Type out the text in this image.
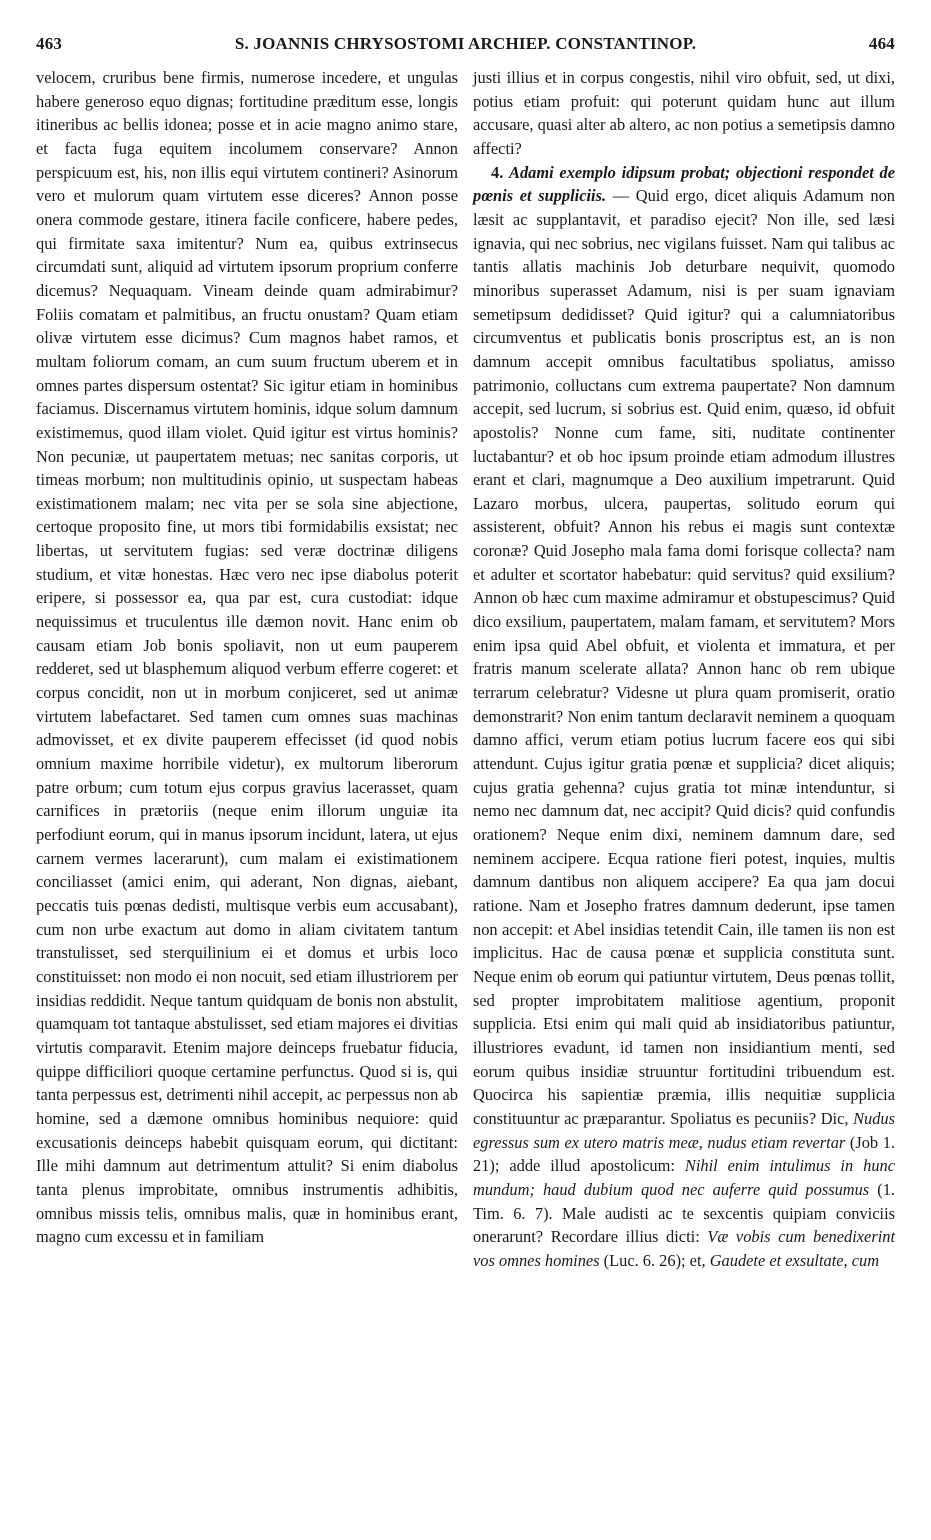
463	S. JOANNIS CHRYSOSTOMI ARCHIEP. CONSTANTINOP.	464

velocem, cruribus bene firmis, numerose incedere, et ungulas habere generoso equo dignas; fortitudine præditum esse, longis itineribus ac bellis idonea; posse et in acie magno animo stare, et facta fuga equitem incolumem conservare? Annon perspicuum est, his, non illis equi virtutem contineri? Asinorum vero et mulorum quam virtutem esse diceres? Annon posse onera commode gestare, itinera facile conficere, habere pedes, qui firmitate saxa imitentur? Num ea, quibus extrinsecus circumdati sunt, aliquid ad virtutem ipsorum proprium conferre dicemus? Nequaquam. Vineam deinde quam admirabimur? Foliis comatam et palmitibus, an fructu onustam? Quam etiam olivæ virtutem esse dicimus? Cum magnos habet ramos, et multam foliorum comam, an cum suum fructum uberem et in omnes partes dispersum ostentat? Sic igitur etiam in hominibus faciamus. Discernamus virtutem hominis, idque solum damnum existimemus, quod illam violet. Quid igitur est virtus hominis? Non pecuniæ, ut paupertatem metuas; nec sanitas corporis, ut timeas morbum; non multitudinis opinio, ut suspectam habeas existimationem malam; nec vita per se sola sine abjectione, certoque proposito fine, ut mors tibi formidabilis exsistat; nec libertas, ut servitutem fugias: sed veræ doctrinæ diligens studium, et vitæ honestas. Hæc vero nec ipse diabolus poterit eripere, si possessor ea, qua par est, cura custodiat: idque nequissimus et truculentus ille dæmon novit. Hanc enim ob causam etiam Job bonis spoliavit, non ut eum pauperem redderet, sed ut blasphemum aliquod verbum efferre cogeret: et corpus concidit, non ut in morbum conjiceret, sed ut animæ virtutem labefactaret. Sed tamen cum omnes suas machinas admovisset, et ex divite pauperem effecisset (id quod nobis omnium maxime horribile videtur), ex multorum liberorum patre orbum; cum totum ejus corpus gravius lacerasset, quam carnifices in prætoriis (neque enim illorum unguiæ ita perfodiunt eorum, qui in manus ipsorum incidunt, latera, ut ejus carnem vermes lacerarunt), cum malam ei existimationem conciliasset (amici enim, qui aderant, Non dignas, aiebant, peccatis tuis pœnas dedisti, multisque verbis eum accusabant), cum non urbe exactum aut domo in aliam civitatem tantum transtulisset, sed sterquilinium ei et domus et urbis loco constituisset: non modo ei non nocuit, sed etiam illustriorem per insidias reddidit. Neque tantum quidquam de bonis non abstulit, quamquam tot tantaque abstulisset, sed etiam majores ei divitias virtutis comparavit. Etenim majore deinceps fruebatur fiducia, quippe difficiliori quoque certamine perfunctus. Quod si is, qui tanta perpessus est, detrimenti nihil accepit, ac perpessus non ab homine, sed a dæmone omnibus hominibus nequiore: quid excusationis deinceps habebit quisquam eorum, qui dictitant: Ille mihi damnum aut detrimentum attulit? Si enim diabolus tanta plenus improbitate, omnibus instrumentis adhibitis, omnibus missis telis, omnibus malis, quæ in hominibus erant, magno cum excessu et in familiam

justi illius et in corpus congestis, nihil viro obfuit, sed, ut dixi, potius etiam profuit: qui poterunt quidam hunc aut illum accusare, quasi alter ab altero, ac non potius a semetipsis damno affecti?

4. Adami exemplo idipsum probat; objectioni respondet de pœnis et suppliciis. — Quid ergo, dicet aliquis Adamum non læsit ac supplantavit, et paradiso ejecit? Non ille, sed læsi ignavia, qui nec sobrius, nec vigilans fuisset. Nam qui talibus ac tantis allatis machinis Job deturbare nequivit, quomodo minoribus superasset Adamum, nisi is per suam ignaviam semetipsum dedidisset? Quid igitur? qui a calumniatoribus circumventus et publicatis bonis proscriptus est, an is non damnum accepit omnibus facultatibus spoliatus, amisso patrimonio, colluctans cum extrema paupertate? Non damnum accepit, sed lucrum, si sobrius est. Quid enim, quæso, id obfuit apostolis? Nonne cum fame, siti, nuditate continenter luctabantur? et ob hoc ipsum proinde etiam admodum illustres erant et clari, magnumque a Deo auxilium impetrarunt. Quid Lazaro morbus, ulcera, paupertas, solitudo eorum qui assisterent, obfuit? Annon his rebus ei magis sunt contextæ coronæ? Quid Josepho mala fama domi forisque collecta? nam et adulter et scortator habebatur: quid servitus? quid exsilium? Annon ob hæc cum maxime admiramur et obstupescimus? Quid dico exsilium, paupertatem, malam famam, et servitutem? Mors enim ipsa quid Abel obfuit, et violenta et immatura, et per fratris manum scelerate allata? Annon hanc ob rem ubique terrarum celebratur? Videsne ut plura quam promiserit, oratio demonstrarit? Non enim tantum declaravit neminem a quoquam damno affici, verum etiam potius lucrum facere eos qui sibi attendunt. Cujus igitur gratia pœnæ et supplicia? dicet aliquis; cujus gratia gehenna? cujus gratia tot minæ intenduntur, si nemo nec damnum dat, nec accipit? Quid dicis? quid confundis orationem? Neque enim dixi, neminem damnum dare, sed neminem accipere. Ecqua ratione fieri potest, inquies, multis damnum dantibus non aliquem accipere? Ea qua jam docui ratione. Nam et Josepho fratres damnum dederunt, ipse tamen non accepit: et Abel insidias tetendit Cain, ille tamen iis non est implicitus. Hac de causa pœnæ et supplicia constituta sunt. Neque enim ob eorum qui patiuntur virtutem, Deus pœnas tollit, sed propter improbitatem malitiose agentium, proponit supplicia. Etsi enim qui mali quid ab insidiatoribus patiuntur, illustriores evadunt, id tamen non insidiantium menti, sed eorum quibus insidiæ struuntur fortitudini tribuendum est. Quocirca his sapientiæ præmia, illis nequitiæ supplicia constituuntur ac præparantur. Spoliatus es pecuniis? Dic, Nudus egressus sum ex utero matris meæ, nudus etiam revertar (Job 1. 21); adde illud apostolicum: Nihil enim intulimus in hunc mundum; haud dubium quod nec auferre quid possumus (1. Tim. 6. 7). Male audisti ac te sexcentis quipiam conviciis onerarunt? Recordare illius dicti: Væ vobis cum benedixerint vos omnes homines (Luc. 6. 26); et, Gaudete et exsultate, cum
